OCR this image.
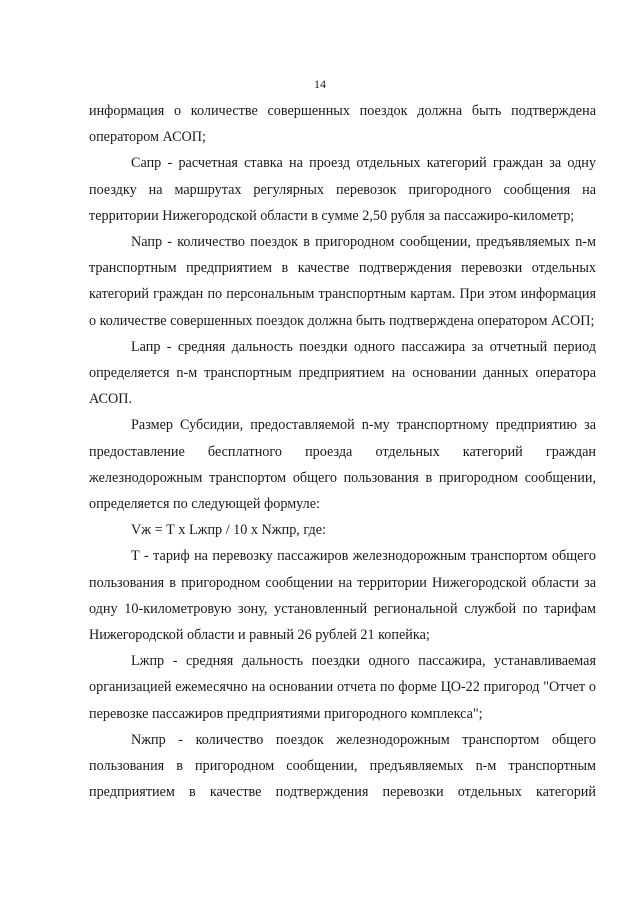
14

информация о количестве совершенных поездок должна быть подтверждена оператором АСОП;

Сапр - расчетная ставка на проезд отдельных категорий граждан за одну поездку на маршрутах регулярных перевозок пригородного сообщения на территории Нижегородской области в сумме 2,50 рубля за пассажиро-километр;

Nапр - количество поездок в пригородном сообщении, предъявляемых n-м транспортным предприятием в качестве подтверждения перевозки отдельных категорий граждан по персональным транспортным картам. При этом информация о количестве совершенных поездок должна быть подтверждена оператором АСОП;

Lапр - средняя дальность поездки одного пассажира за отчетный период определяется n-м транспортным предприятием на основании данных оператора АСОП.

Размер Субсидии, предоставляемой n-му транспортному предприятию за предоставление бесплатного проезда отдельных категорий граждан железнодорожным транспортом общего пользования в пригородном сообщении, определяется по следующей формуле:

Vж = Т x Lжпр / 10 x Nжпр, где:

Т - тариф на перевозку пассажиров железнодорожным транспортом общего пользования в пригородном сообщении на территории Нижегородской области за одну 10-километровую зону, установленный региональной службой по тарифам Нижегородской области и равный 26 рублей 21 копейка;

Lжпр - средняя дальность поездки одного пассажира, устанавливаемая организацией ежемесячно на основании отчета по форме ЦО-22 пригород "Отчет о перевозке пассажиров предприятиями пригородного комплекса";

Nжпр - количество поездок железнодорожным транспортом общего пользования в пригородном сообщении, предъявляемых n-м транспортным предприятием в качестве подтверждения перевозки отдельных категорий
